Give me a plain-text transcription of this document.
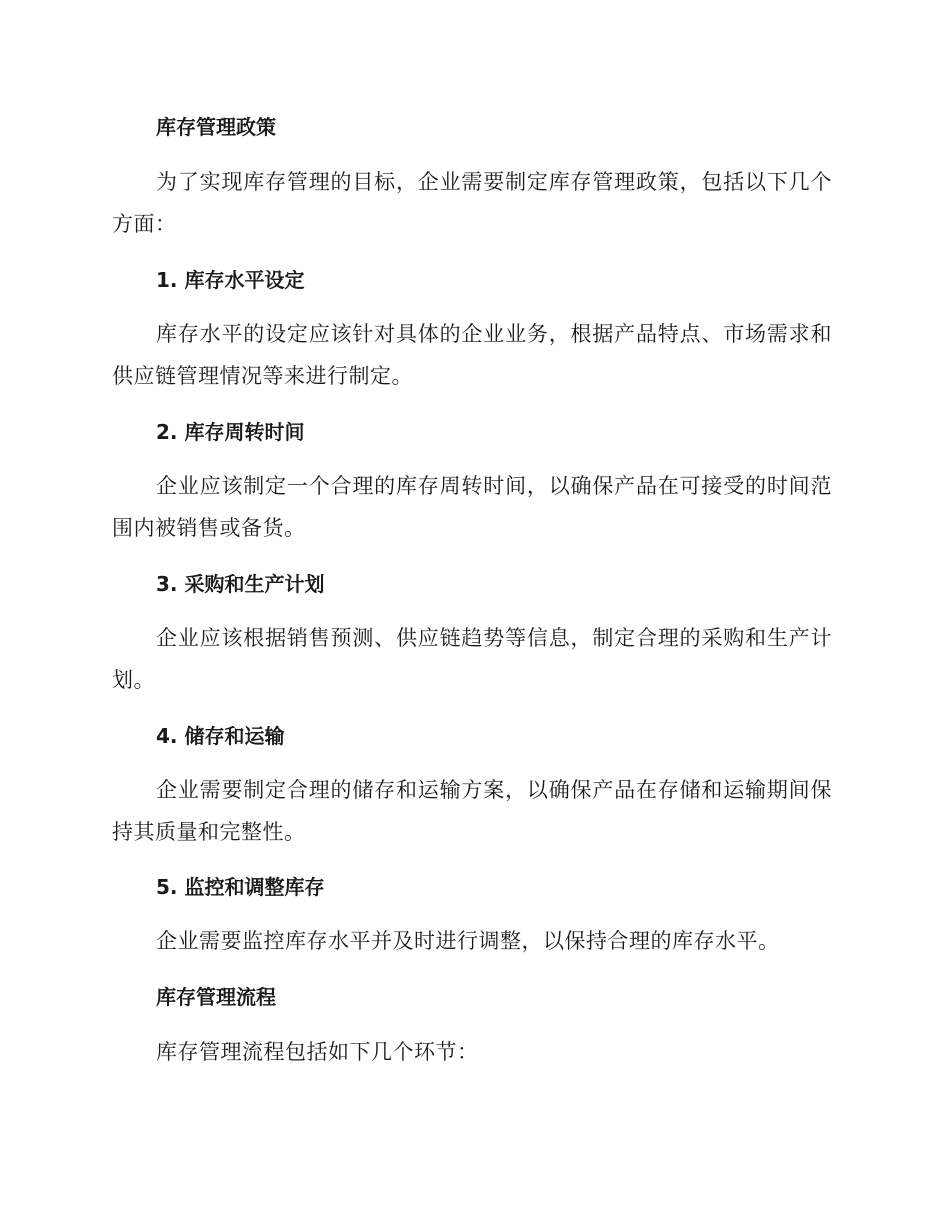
库存管理政策

为了实现库存管理的目标，企业需要制定库存管理政策，包括以下几个方面：

1. 库存水平设定

库存水平的设定应该针对具体的企业业务，根据产品特点、市场需求和供应链管理情况等来进行制定。

2. 库存周转时间

企业应该制定一个合理的库存周转时间，以确保产品在可接受的时间范围内被销售或备货。

3. 采购和生产计划

企业应该根据销售预测、供应链趋势等信息，制定合理的采购和生产计划。

4. 储存和运输

企业需要制定合理的储存和运输方案，以确保产品在存储和运输期间保持其质量和完整性。

5. 监控和调整库存

企业需要监控库存水平并及时进行调整，以保持合理的库存水平。

库存管理流程

库存管理流程包括如下几个环节：
